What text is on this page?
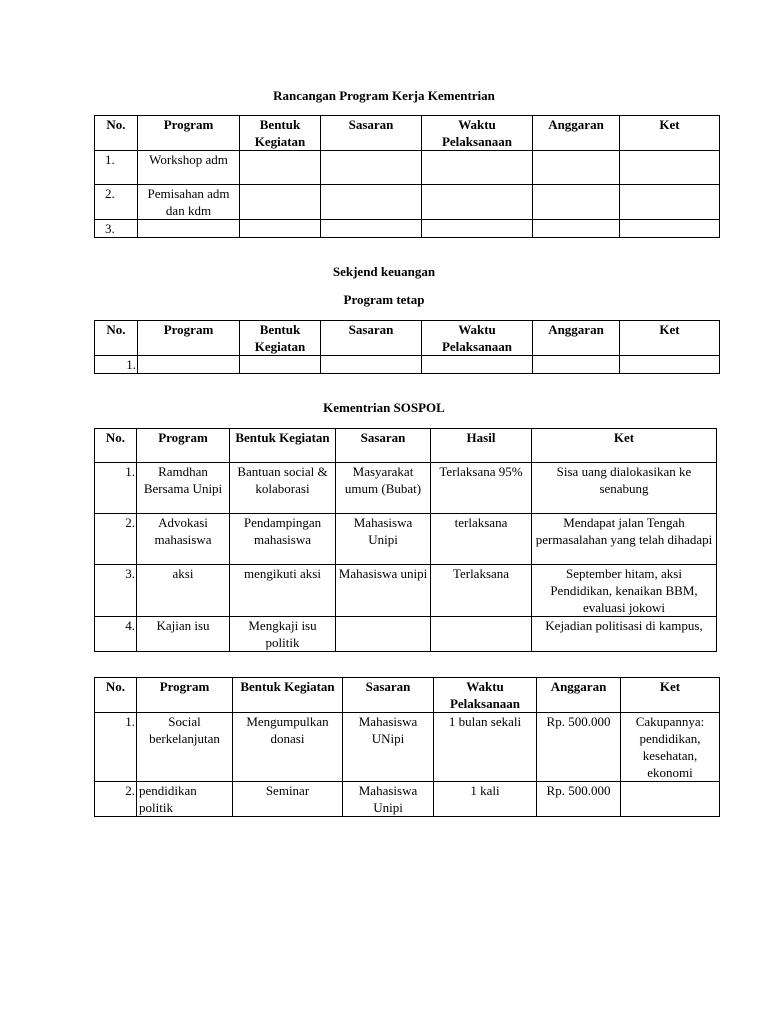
Rancangan Program Kerja Kementrian
No.	Program	Bentuk Kegiatan	Sasaran	Waktu Pelaksanaan	Anggaran	Ket
1.	Workshop adm					
2.	Pemisahan adm dan kdm					
3.						
Sekjend keuangan
Program tetap
No.	Program	Bentuk Kegiatan	Sasaran	Waktu Pelaksanaan	Anggaran	Ket
1.						
Kementrian SOSPOL
No.	Program	Bentuk Kegiatan	Sasaran	Hasil	Ket
1.	Ramdhan Bersama Unipi	Bantuan social & kolaborasi	Masyarakat umum (Bubat)	Terlaksana 95%	Sisa uang dialokasikan ke senabung
2.	Advokasi mahasiswa	Pendampingan mahasiswa	Mahasiswa Unipi	terlaksana	Mendapat jalan Tengah permasalahan yang telah dihadapi
3.	aksi	mengikuti aksi	Mahasiswa unipi	Terlaksana	September hitam, aksi Pendidikan, kenaikan BBM, evaluasi jokowi
4.	Kajian isu	Mengkaji isu politik			Kejadian politisasi di kampus,
No.	Program	Bentuk Kegiatan	Sasaran	Waktu Pelaksanaan	Anggaran	Ket
1.	Social berkelanjutan	Mengumpulkan donasi	Mahasiswa UNipi	1 bulan sekali	Rp. 500.000	Cakupannya: pendidikan, kesehatan, ekonomi
2.	pendidikan politik	Seminar	Mahasiswa Unipi	1 kali	Rp. 500.000	
